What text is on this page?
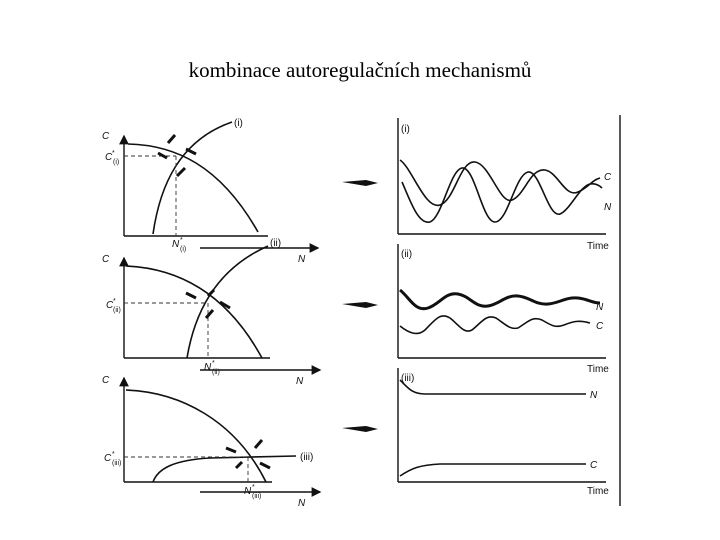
kombinace autoregulačních mechanismů
C
(i)
C *
(i)
N *
(i)
N
C
(ii)
C *
(ii)
N *
(ii)
N
N
C
(iii)
C *
(iii)
N *
(iii)
(i)
C
N
Time
(ii)
N
C
Time
(iii)
N
C
Time
